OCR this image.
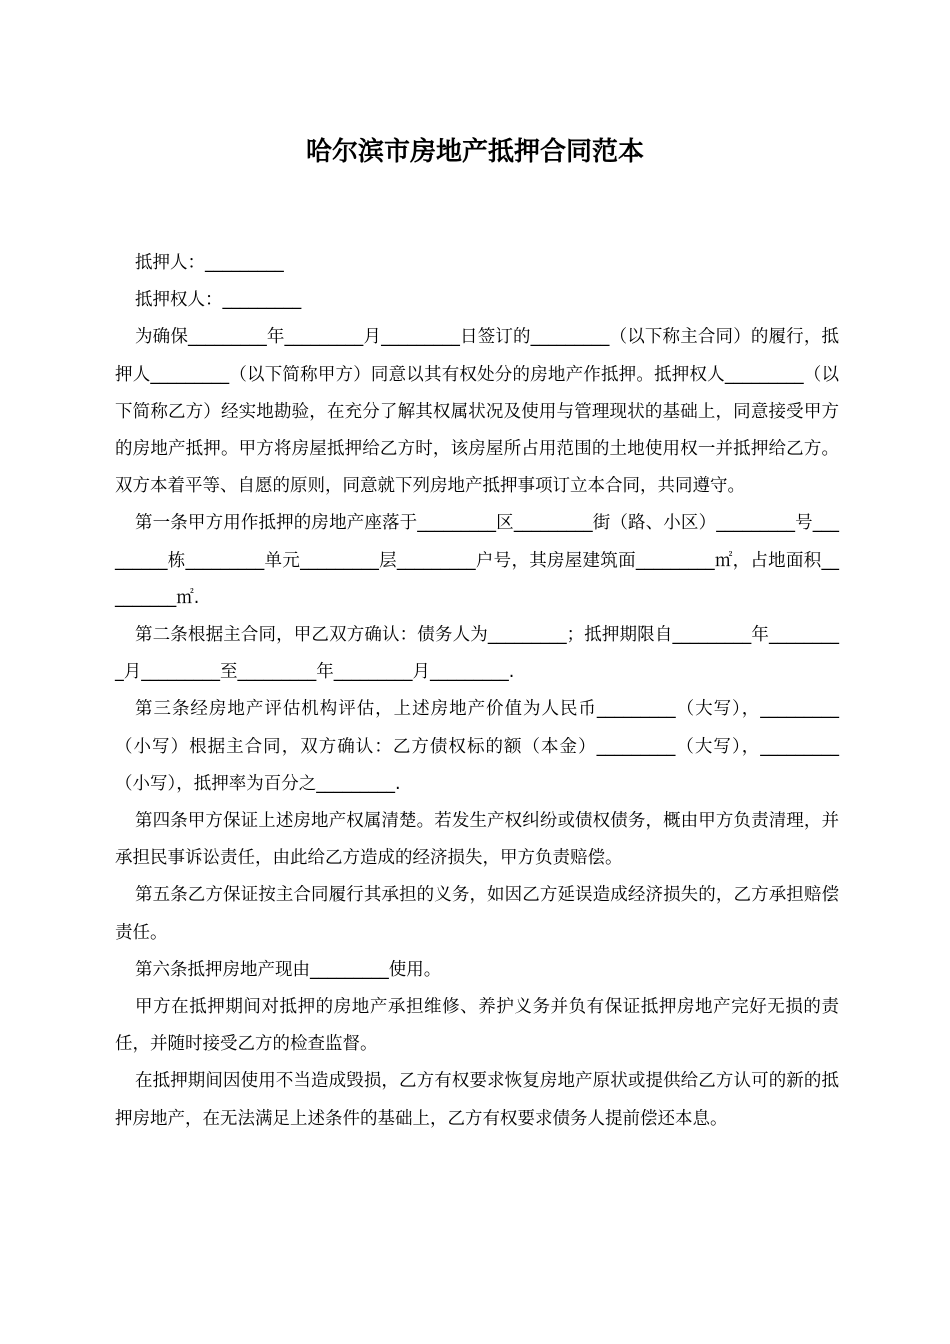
哈尔滨市房地产抵押合同范本

抵押人：_________

抵押权人：_________

为确保_________年_________月_________日签订的_________（以下称主合同）的履行，抵押人_________（以下简称甲方）同意以其有权处分的房地产作抵押。抵押权人_________（以下简称乙方）经实地勘验，在充分了解其权属状况及使用与管理现状的基础上，同意接受甲方的房地产抵押。甲方将房屋抵押给乙方时，该房屋所占用范围的土地使用权一并抵押给乙方。双方本着平等、自愿的原则，同意就下列房地产抵押事项订立本合同，共同遵守。

第一条甲方用作抵押的房地产座落于_________区_________街（路、小区）_________号_________栋_________单元_________层_________户号，其房屋建筑面_________㎡，占地面积_________㎡.

第二条根据主合同，甲乙双方确认：债务人为_________；抵押期限自_________年_________月_________至_________年_________月_________.

第三条经房地产评估机构评估，上述房地产价值为人民币_________（大写），_________（小写）根据主合同，双方确认：乙方债权标的额（本金）_________（大写），_________（小写），抵押率为百分之_________.

第四条甲方保证上述房地产权属清楚。若发生产权纠纷或债权债务，概由甲方负责清理，并承担民事诉讼责任，由此给乙方造成的经济损失，甲方负责赔偿。

第五条乙方保证按主合同履行其承担的义务，如因乙方延误造成经济损失的，乙方承担赔偿责任。

第六条抵押房地产现由_________使用。

甲方在抵押期间对抵押的房地产承担维修、养护义务并负有保证抵押房地产完好无损的责任，并随时接受乙方的检查监督。

在抵押期间因使用不当造成毁损，乙方有权要求恢复房地产原状或提供给乙方认可的新的抵押房地产，在无法满足上述条件的基础上，乙方有权要求债务人提前偿还本息。
